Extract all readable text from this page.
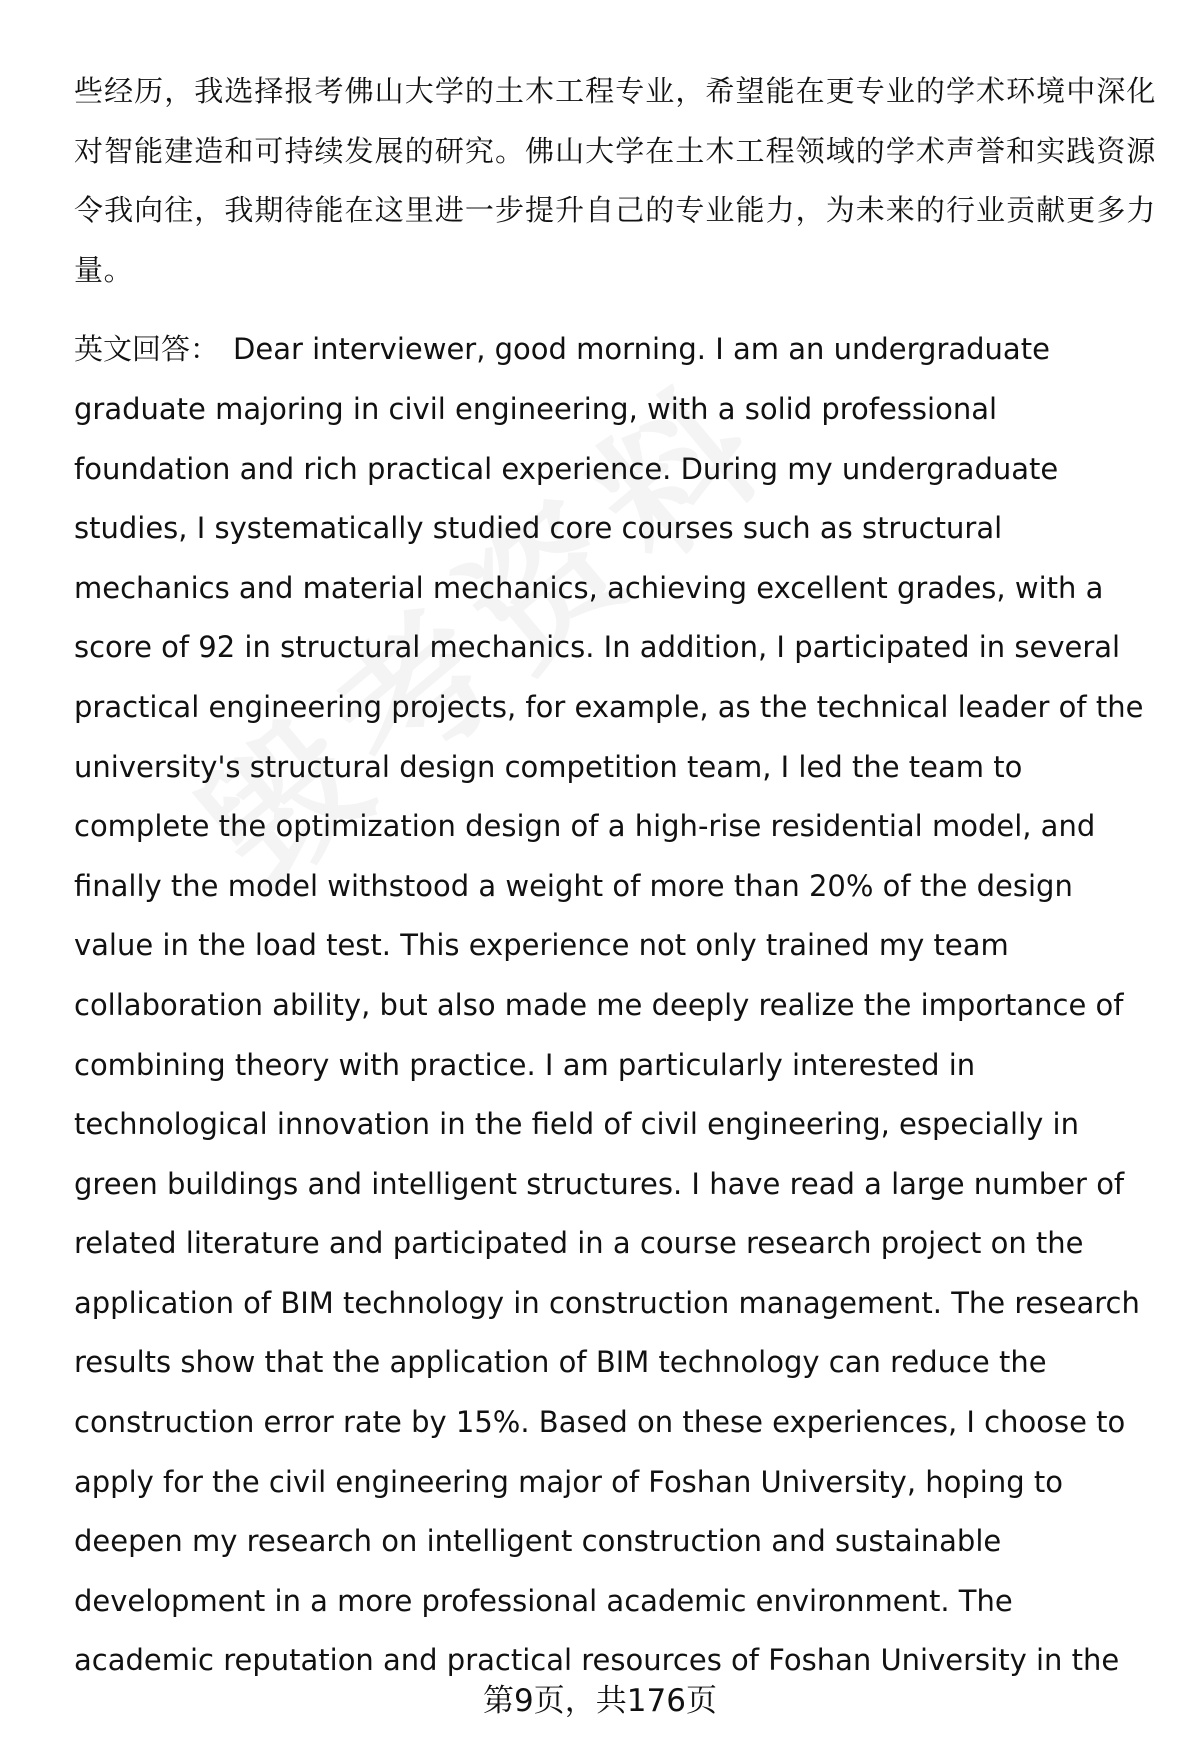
些经历，我选择报考佛山大学的土木工程专业，希望能在更专业的学术环境中深化对智能建造和可持续发展的研究。佛山大学在土木工程领域的学术声誉和实践资源令我向往，我期待能在这里进一步提升自己的专业能力，为未来的行业贡献更多力量。

英文回答： Dear interviewer, good morning. I am an undergraduate graduate majoring in civil engineering, with a solid professional foundation and rich practical experience. During my undergraduate studies, I systematically studied core courses such as structural mechanics and material mechanics, achieving excellent grades, with a score of 92 in structural mechanics. In addition, I participated in several practical engineering projects, for example, as the technical leader of the university's structural design competition team, I led the team to complete the optimization design of a high-rise residential model, and finally the model withstood a weight of more than 20% of the design value in the load test. This experience not only trained my team collaboration ability, but also made me deeply realize the importance of combining theory with practice. I am particularly interested in technological innovation in the field of civil engineering, especially in green buildings and intelligent structures. I have read a large number of related literature and participated in a course research project on the application of BIM technology in construction management. The research results show that the application of BIM technology can reduce the construction error rate by 15%. Based on these experiences, I choose to apply for the civil engineering major of Foshan University, hoping to deepen my research on intelligent construction and sustainable development in a more professional academic environment. The academic reputation and practical resources of Foshan University in the

第9页，共176页
